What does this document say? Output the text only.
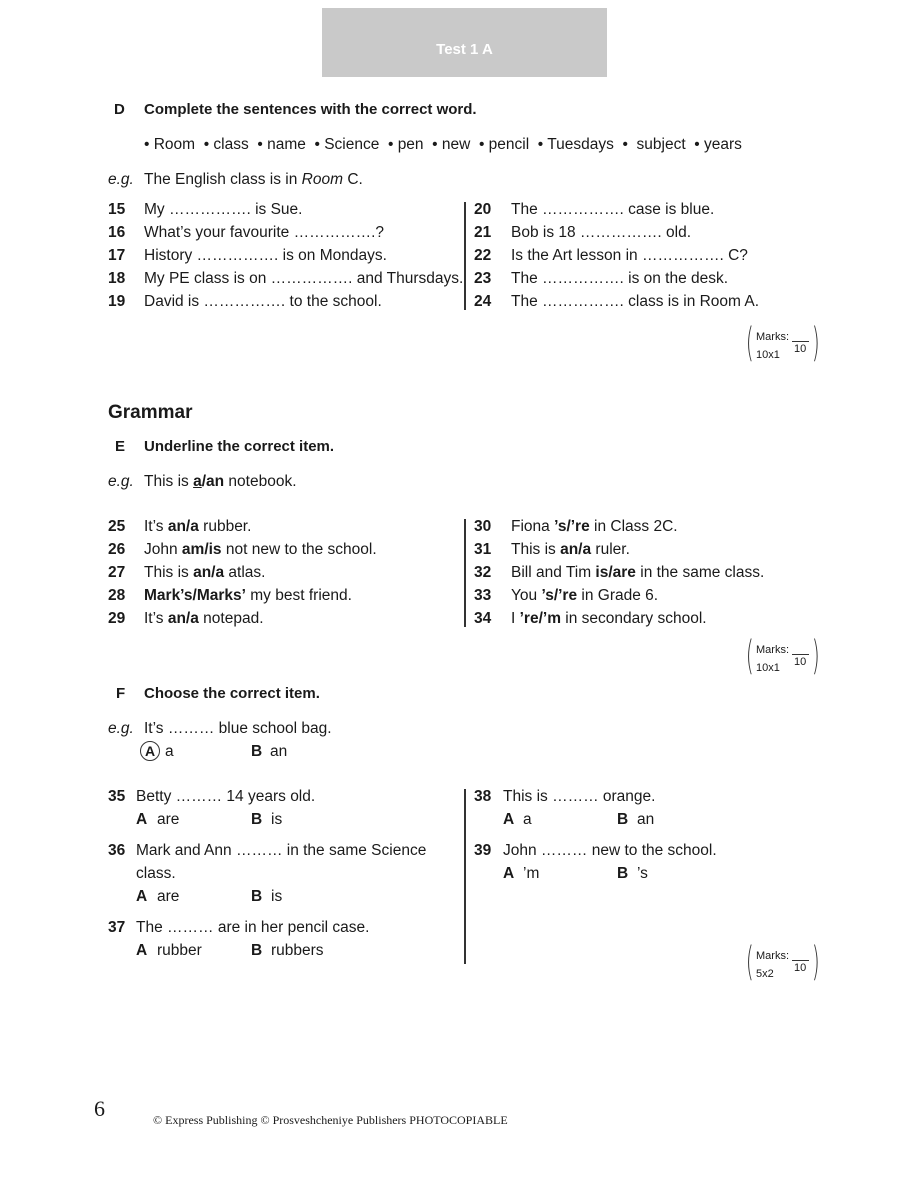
Test 1 A
D Complete the sentences with the correct word.
• Room  • class  • name  • Science  • pen  • new  • pencil  • Tuesdays  •  subject  • years
e.g. The English class is in Room C.
15 My ……………. is Sue.
16 What’s your favourite …………….?
17 History ……………. is on Mondays.
18 My PE class is on ……………. and Thursdays.
19 David is ……………. to the school.
20 The ……………. case is blue.
21 Bob is 18 ……………. old.
22 Is the Art lesson in ……………. C?
23 The ……………. is on the desk.
24 The ……………. class is in Room A.
( )
Marks:
10
10x1
Grammar
E Underline the correct item.
e.g. This is a/an notebook.
25 It’s an/a rubber.
26 John am/is not new to the school.
27 This is an/a atlas.
28 Mark’s/Marks’ my best friend.
29 It’s an/a notepad.
30 Fiona ’s/’re in Class 2C.
31 This is an/a ruler.
32 Bill and Tim is/are in the same class.
33 You ’s/’re in Grade 6.
34 I ’re/’m in secondary school.
( )
Marks:
10
10x1
F Choose the correct item.
e.g. It’s ……… blue school bag.
A a	B an
35 Betty ……… 14 years old.
A are	B is
36 Mark and Ann ……… in the same Science
class.
A are	B is
37 The ……… are in her pencil case.
A rubber	B rubbers
38 This is ……… orange.
A a	B an
39 John ……… new to the school.
A ’m	B ’s
( )
Marks:
10
5x2
6	© Express Publishing © Prosveshcheniye Publishers PHOTOCOPIABLE
